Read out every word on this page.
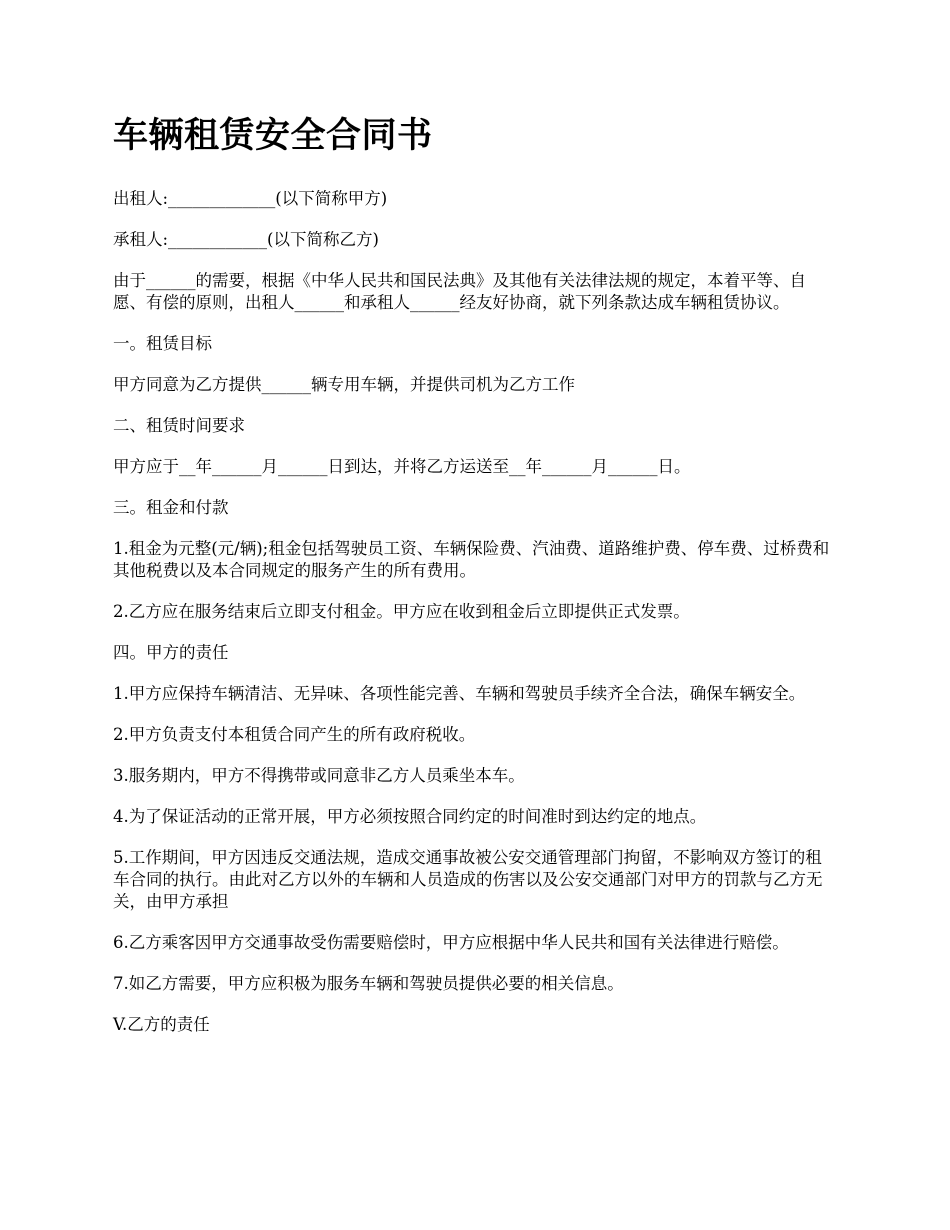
车辆租赁安全合同书

出租人:_____________(以下简称甲方)

承租人:____________(以下简称乙方)

由于______的需要，根据《中华人民共和国民法典》及其他有关法律法规的规定，本着平等、自愿、有偿的原则，出租人______和承租人______经友好协商，就下列条款达成车辆租赁协议。

一。租赁目标

甲方同意为乙方提供______辆专用车辆，并提供司机为乙方工作

二、租赁时间要求

甲方应于__年______月______日到达，并将乙方运送至__年______月______日。

三。租金和付款

1.租金为元整(元/辆);租金包括驾驶员工资、车辆保险费、汽油费、道路维护费、停车费、过桥费和其他税费以及本合同规定的服务产生的所有费用。

2.乙方应在服务结束后立即支付租金。甲方应在收到租金后立即提供正式发票。

四。甲方的责任

1.甲方应保持车辆清洁、无异味、各项性能完善、车辆和驾驶员手续齐全合法，确保车辆安全。

2.甲方负责支付本租赁合同产生的所有政府税收。

3.服务期内，甲方不得携带或同意非乙方人员乘坐本车。

4.为了保证活动的正常开展，甲方必须按照合同约定的时间准时到达约定的地点。

5.工作期间，甲方因违反交通法规，造成交通事故被公安交通管理部门拘留，不影响双方签订的租车合同的执行。由此对乙方以外的车辆和人员造成的伤害以及公安交通部门对甲方的罚款与乙方无关，由甲方承担

6.乙方乘客因甲方交通事故受伤需要赔偿时，甲方应根据中华人民共和国有关法律进行赔偿。

7.如乙方需要，甲方应积极为服务车辆和驾驶员提供必要的相关信息。

V.乙方的责任
